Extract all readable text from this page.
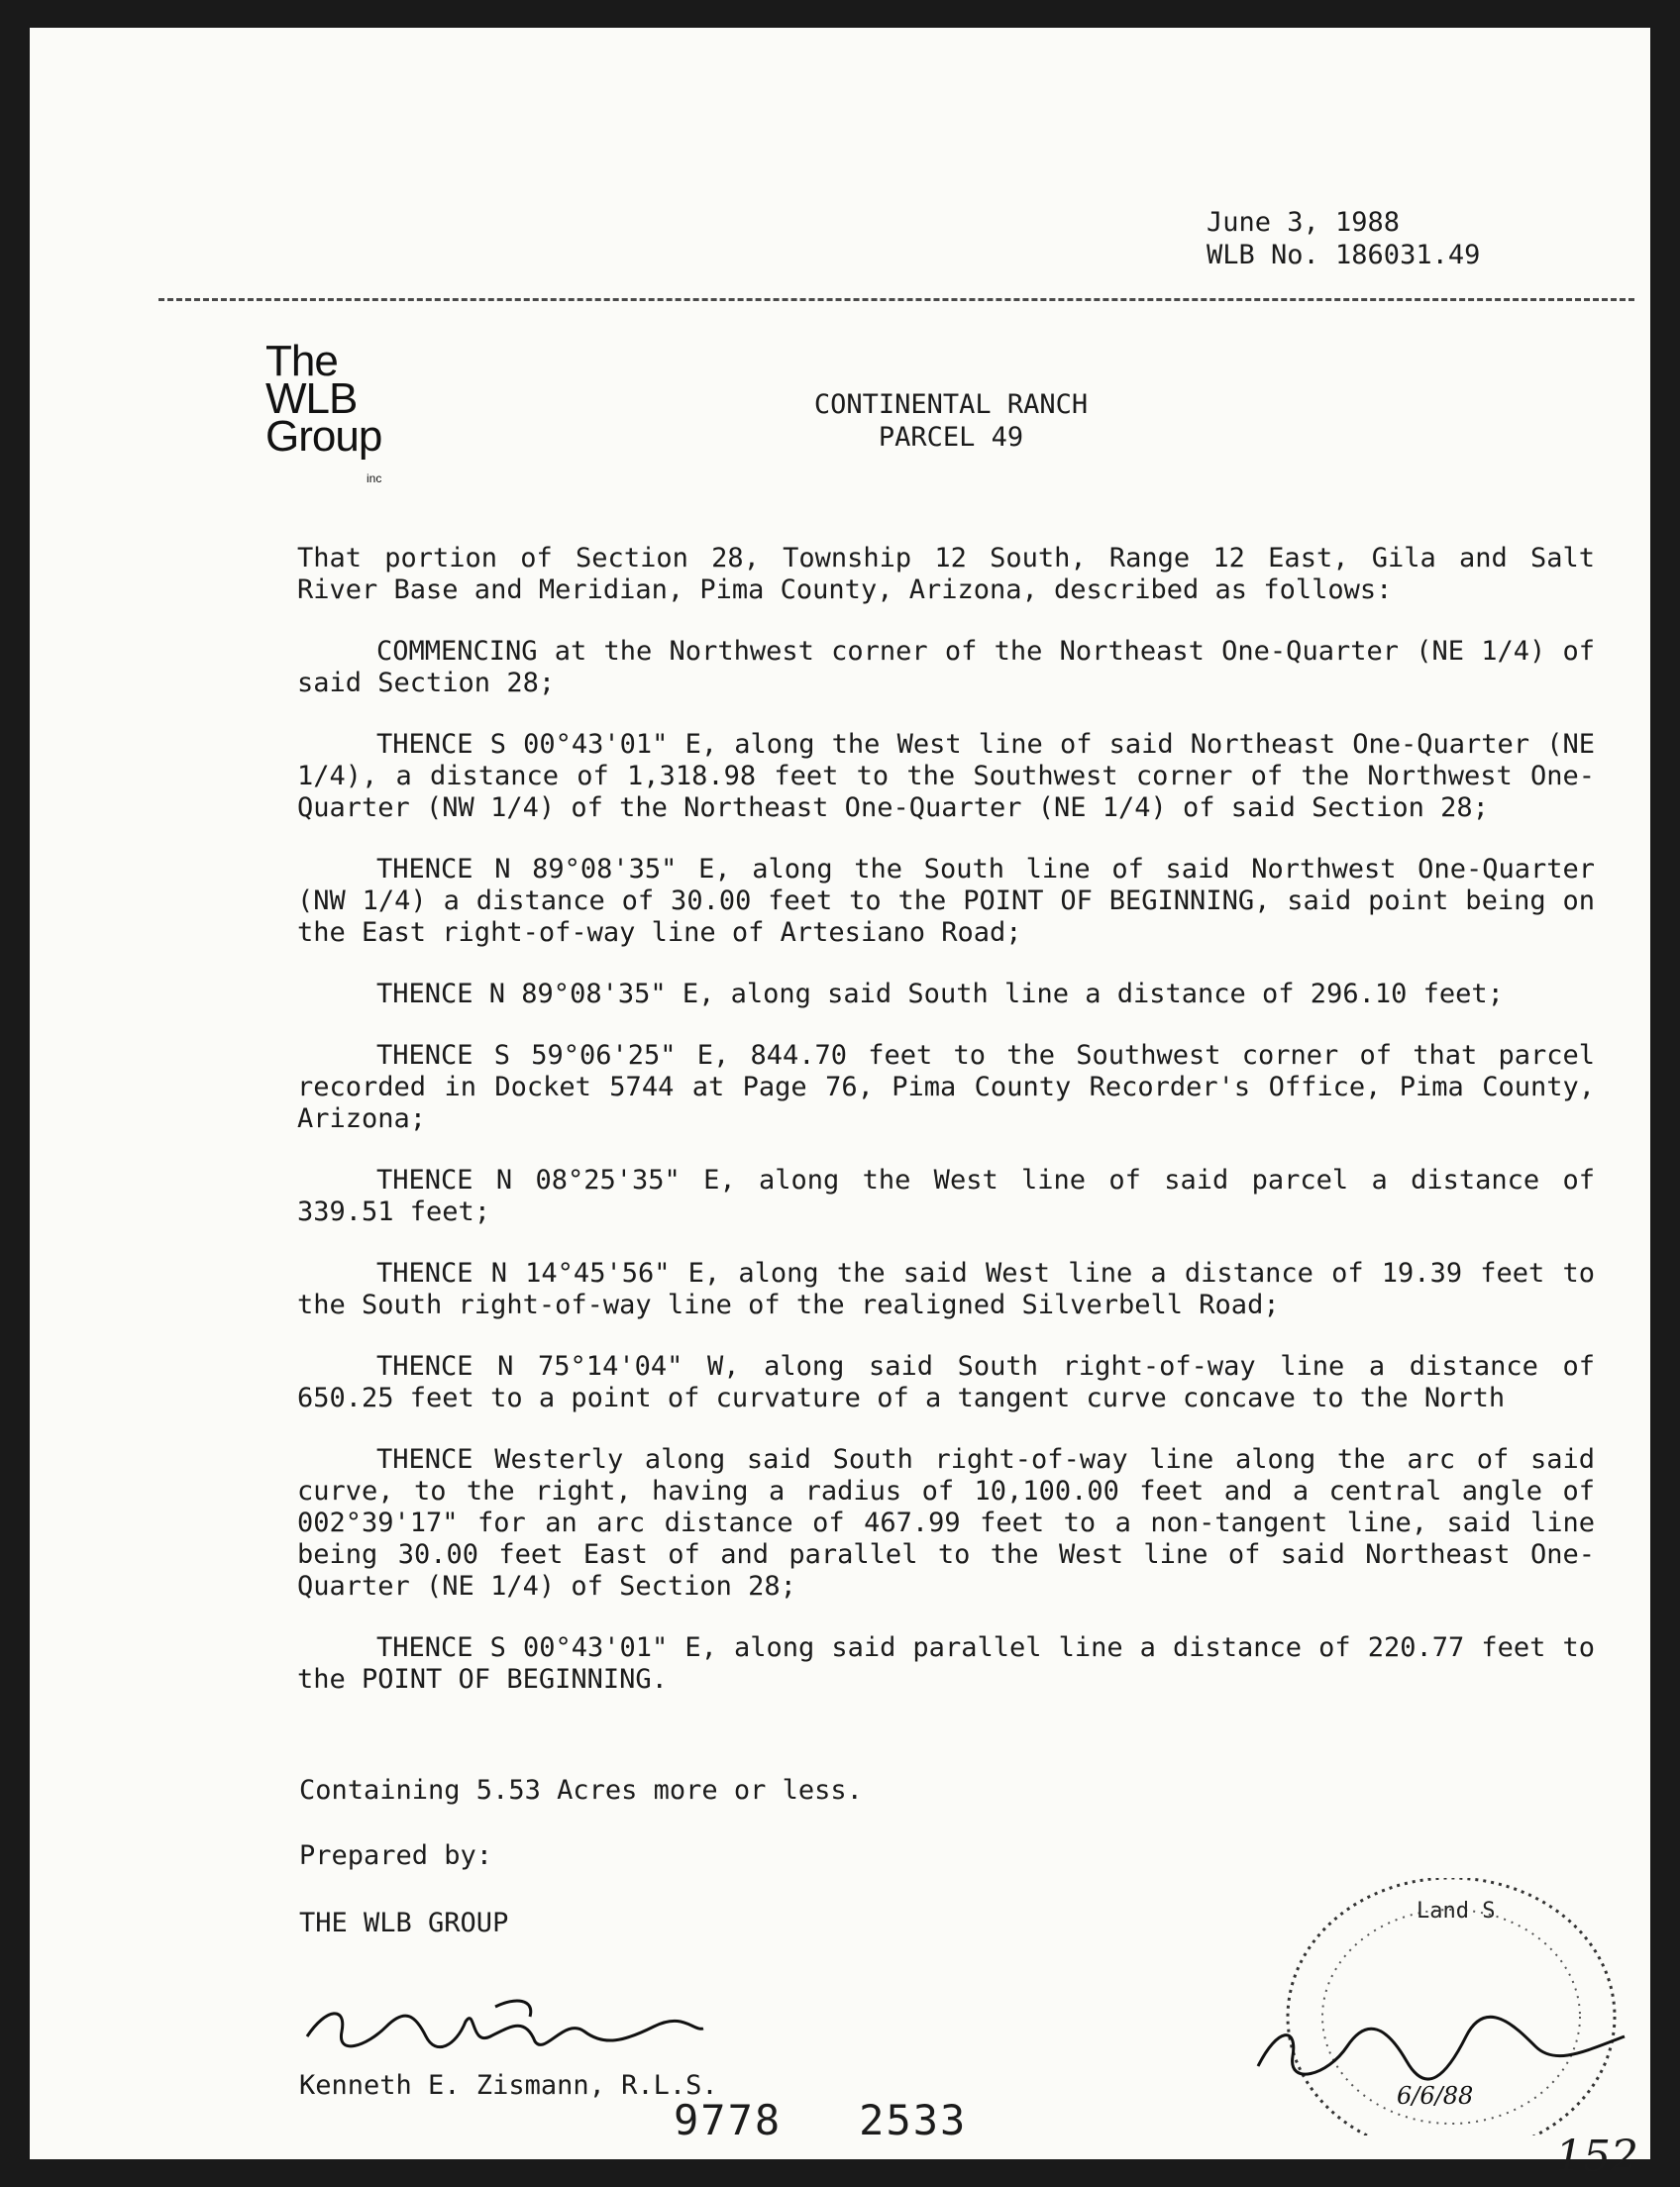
June 3, 1988
WLB No. 186031.49
The
WLB
Group
inc
CONTINENTAL RANCH
PARCEL 49

That portion of Section 28, Township 12 South, Range 12 East, Gila and Salt River Base and Meridian, Pima County, Arizona, described as follows:

COMMENCING at the Northwest corner of the Northeast One-Quarter (NE 1/4) of said Section 28;

THENCE S 00°43'01" E, along the West line of said Northeast One-Quarter (NE 1/4), a distance of 1,318.98 feet to the Southwest corner of the Northwest One-Quarter (NW 1/4) of the Northeast One-Quarter (NE 1/4) of said Section 28;

THENCE N 89°08'35" E, along the South line of said Northwest One-Quarter (NW 1/4) a distance of 30.00 feet to the POINT OF BEGINNING, said point being on the East right-of-way line of Artesiano Road;

THENCE N 89°08'35" E, along said South line a distance of 296.10 feet;

THENCE S 59°06'25" E, 844.70 feet to the Southwest corner of that parcel recorded in Docket 5744 at Page 76, Pima County Recorder's Office, Pima County, Arizona;

THENCE N 08°25'35" E, along the West line of said parcel a distance of 339.51 feet;

THENCE N 14°45'56" E, along the said West line a distance of 19.39 feet to the South right-of-way line of the realigned Silverbell Road;

THENCE N 75°14'04" W, along said South right-of-way line a distance of 650.25 feet to a point of curvature of a tangent curve concave to the North

THENCE Westerly along said South right-of-way line along the arc of said curve, to the right, having a radius of 10,100.00 feet and a central angle of 002°39'17" for an arc distance of 467.99 feet to a non-tangent line, said line being 30.00 feet East of and parallel to the West line of said Northeast One-Quarter (NE 1/4) of Section 28;

THENCE S 00°43'01" E, along said parallel line a distance of 220.77 feet to the POINT OF BEGINNING.

Containing 5.53 Acres more or less.
Prepared by:
THE WLB GROUP
Kenneth E. Zismann, R.L.S.
9778 2533
Land S
6/6/88
152
